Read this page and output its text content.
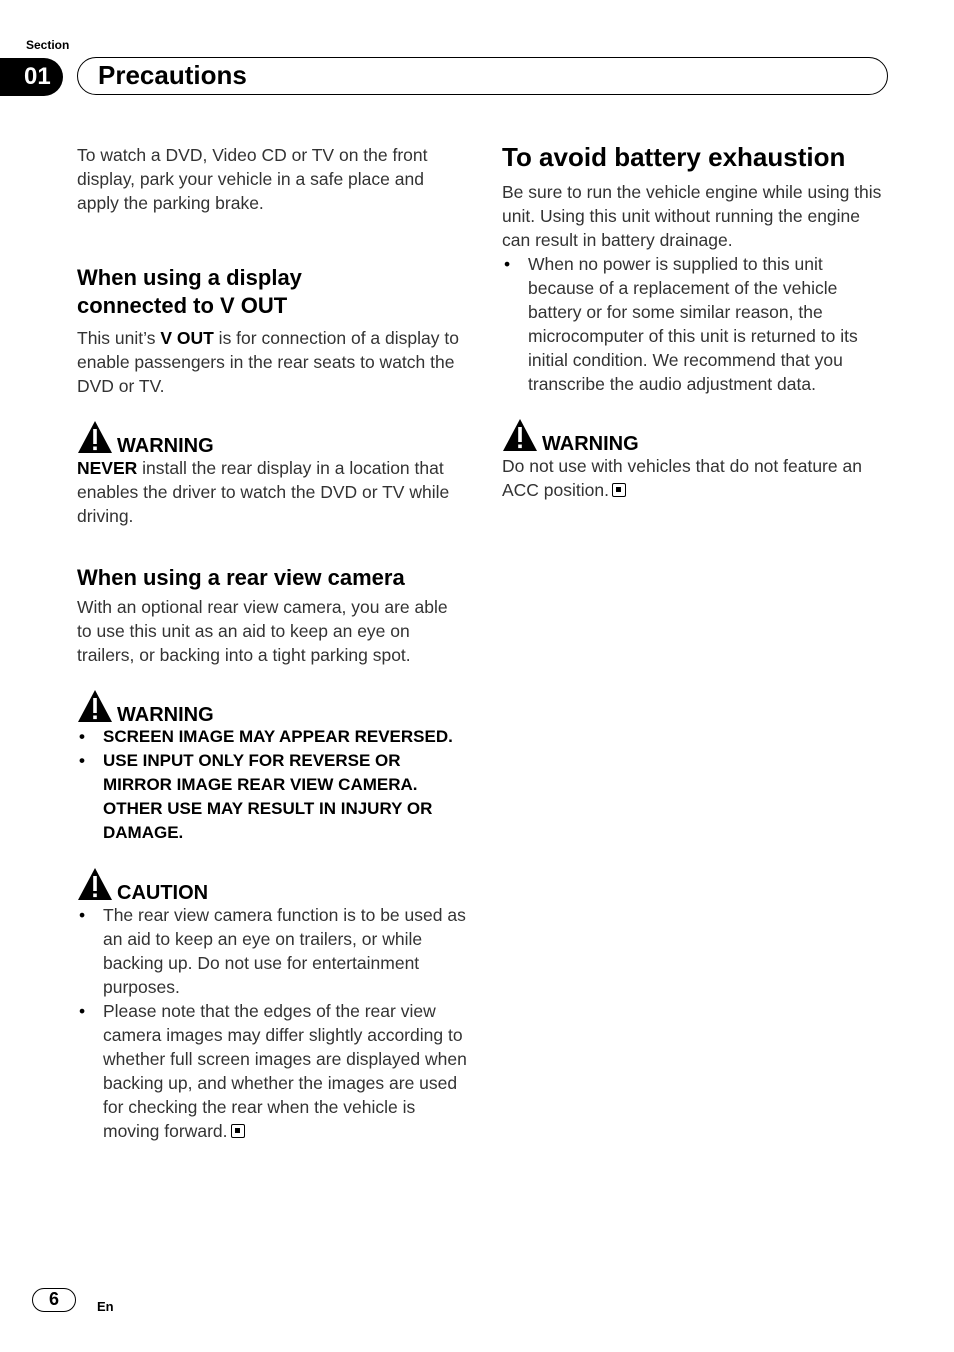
Section
01	Precautions

To watch a DVD, Video CD or TV on the front display, park your vehicle in a safe place and apply the parking brake.

When using a display
connected to V OUT

This unit’s V OUT is for connection of a display to enable passengers in the rear seats to watch the DVD or TV.

WARNING

NEVER install the rear display in a location that enables the driver to watch the DVD or TV while driving.

When using a rear view camera

With an optional rear view camera, you are able to use this unit as an aid to keep an eye on trailers, or backing into a tight parking spot.

WARNING
• SCREEN IMAGE MAY APPEAR REVERSED.
• USE INPUT ONLY FOR REVERSE OR MIRROR IMAGE REAR VIEW CAMERA. OTHER USE MAY RESULT IN INJURY OR DAMAGE.
CAUTION
• The rear view camera function is to be used as an aid to keep an eye on trailers, or while backing up. Do not use for entertainment purposes.
• Please note that the edges of the rear view camera images may differ slightly according to whether full screen images are displayed when backing up, and whether the images are used for checking the rear when the vehicle is moving forward.
To avoid battery exhaustion

Be sure to run the vehicle engine while using this unit. Using this unit without running the engine can result in battery drainage.

• When no power is supplied to this unit because of a replacement of the vehicle battery or for some similar reason, the microcomputer of this unit is returned to its initial condition. We recommend that you transcribe the audio adjustment data.
WARNING

Do not use with vehicles that do not feature an ACC position.

6	En
